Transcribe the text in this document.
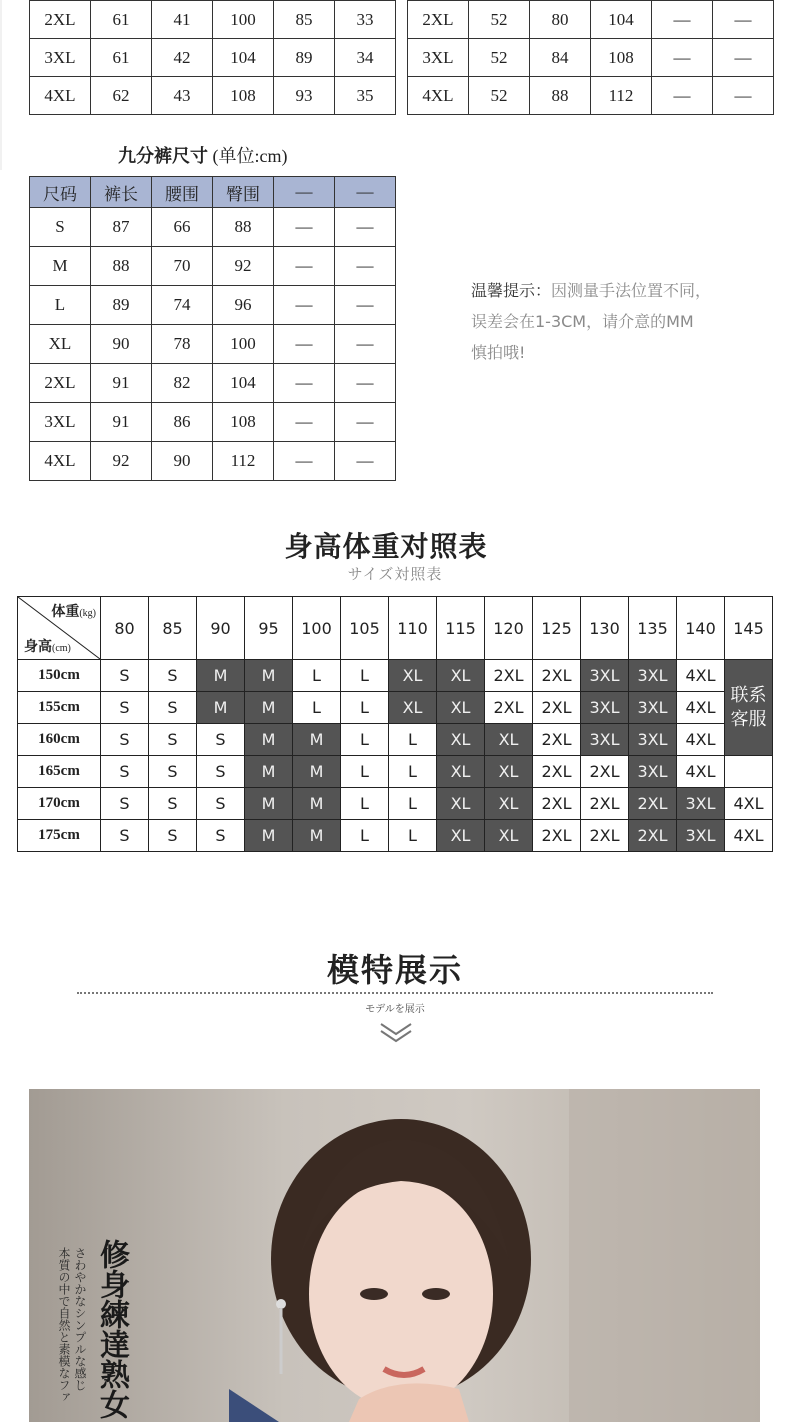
2XL	61	41	100	85	33
3XL	61	42	104	89	34
4XL	62	43	108	93	35
2XL	52	80	104	—	—
3XL	52	84	108	—	—
4XL	52	88	112	—	—
九分裤尺寸 (单位:cm)
尺码	裤长	腰围	臀围	—	—
S	87	66	88	—	—
M	88	70	92	—	—
L	89	74	96	—	—
XL	90	78	100	—	—
2XL	91	82	104	—	—
3XL	91	86	108	—	—
4XL	92	90	112	—	—
温馨提示：因测量手法位置不同，
误差会在1-3CM，请介意的MM
慎拍哦!
身高体重对照表
サイズ対照表
体重(kg)
身高(cm)	80	85	90	95	100	105	110	115	120	125	130	135	140	145
150cm	S	S	M	M	L	L	XL	XL	2XL	2XL	3XL	3XL	4XL	联系
客服

155cm	S	S	M	M	L	L	XL	XL	2XL	2XL	3XL	3XL	4XL	
160cm	S	S	S	M	M	L	L	XL	XL	2XL	3XL	3XL	4XL	
165cm	S	S	S	M	M	L	L	XL	XL	2XL	2XL	3XL	4XL	
170cm	S	S	S	M	M	L	L	XL	XL	2XL	2XL	2XL	3XL	4XL
175cm	S	S	S	M	M	L	L	XL	XL	2XL	2XL	2XL	3XL	4XL
模特展示
モデルを展示
修身練達熟女
さわやかなシンプルな感じ
本質の中で自然と素模なファ
